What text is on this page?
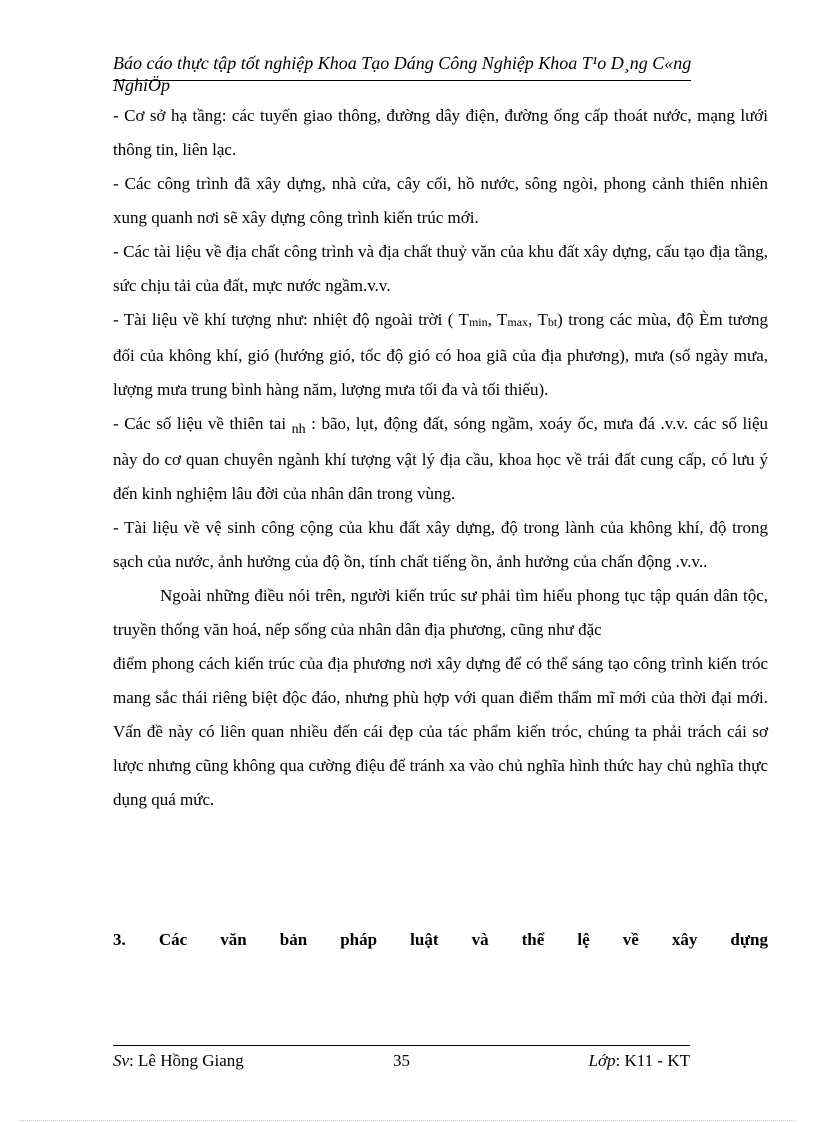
Báo cáo thực tập tốt nghiệp Khoa Tạo Dáng Công Nghiệp Khoa T¹o D¸ng C«ng NghiÖp

- Cơ sở hạ tầng: các tuyến giao thông, đường dây điện, đường ống cấp thoát nước, mạng lưới thông tin, liên lạc.

- Các công trình đã xây dựng, nhà cửa, cây cối, hồ nước, sông ngòi, phong cảnh thiên nhiên xung quanh nơi sẽ xây dựng công trình kiến trúc mới.

- Các tài liệu về địa chất công trình và địa chất thuỷ văn của khu đất xây dựng, cấu tạo địa tầng, sức chịu tải của đất, mực nước ngầm.v.v.

- Tài liệu về khí tượng như: nhiệt độ ngoài trời ( $T_{min}$, $T_{max}$, $T_{bt}$) trong các mùa, độ Èm tương đối của không khí, gió (hướng gió, tốc độ gió có hoa giã của địa phương), mưa (số ngày mưa, lượng mưa trung bình hàng năm, lượng mưa tối đa và tối thiểu).

- Các số liệu về thiên tai $_{nh}$ : bão, lụt, động đất, sóng ngầm, xoáy ốc, mưa đá .v.v. các số liệu này do cơ quan chuyên ngành khí tượng vật lý địa cầu, khoa học về trái đất cung cấp, có lưu ý đến kinh nghiệm lâu đời của nhân dân trong vùng.

- Tài liệu về vệ sinh công cộng của khu đất xây dựng, độ trong lành của không khí, độ trong sạch của nước, ảnh hưởng của độ ồn, tính chất tiếng ồn, ảnh hưởng của chấn động .v.v..

Ngoài những điều nói trên, người kiến trúc sư phải tìm hiểu phong tục tập quán dân tộc, truyền thống văn hoá, nếp sống của nhân dân địa phương, cũng như đặc

điểm phong cách kiến trúc của địa phương nơi xây dựng để có thể sáng tạo công trình kiến tróc mang sắc thái riêng biệt độc đáo, nhưng phù hợp với quan điểm thẩm mĩ mới của thời đại mới. Vấn đề này có liên quan nhiều đến cái đẹp của tác phẩm kiến tróc, chúng ta phải trách cái sơ lược nhưng cũng không qua cường điệu để tránh xa vào chủ nghĩa hình thức hay chủ nghĩa thực dụng quá mức.

3. Các văn bản pháp luật và thể lệ về xây dựng
Sv: Lê Hồng Giang	35	Lớp: K11 - KT
